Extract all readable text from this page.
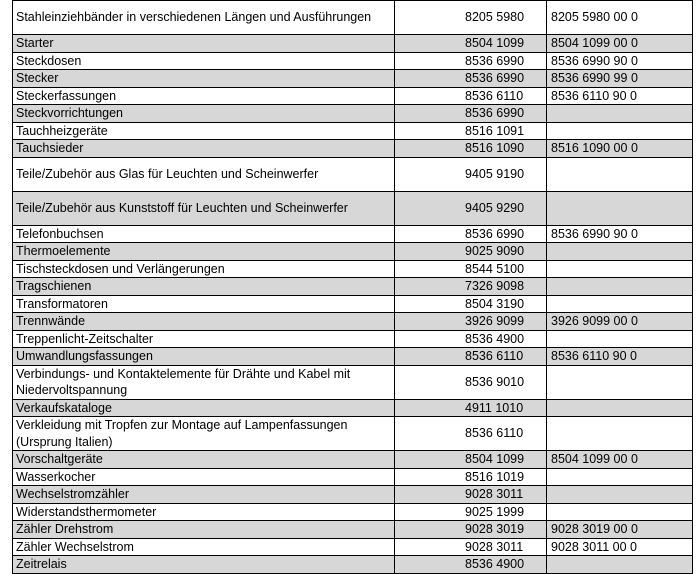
Stahleinziehbänder in verschiedenen Längen und Ausführungen	8205 5980	8205 5980 00 0
Starter	8504 1099	8504 1099 00 0
Steckdosen	8536 6990	8536 6990 90 0
Stecker	8536 6990	8536 6990 99 0
Steckerfassungen	8536 6110	8536 6110 90 0
Steckvorrichtungen	8536 6990	
Tauchheizgeräte	8516 1091	
Tauchsieder	8516 1090	8516 1090 00 0
Teile/Zubehör aus Glas für Leuchten und Scheinwerfer	9405 9190	
Teile/Zubehör aus Kunststoff für Leuchten und Scheinwerfer	9405 9290	
Telefonbuchsen	8536 6990	8536 6990 90 0
Thermoelemente	9025 9090	
Tischsteckdosen und Verlängerungen	8544 5100	
Tragschienen	7326 9098	
Transformatoren	8504 3190	
Trennwände	3926 9099	3926 9099 00 0
Treppenlicht-Zeitschalter	8536 4900	
Umwandlungsfassungen	8536 6110	8536 6110 90 0
Verbindungs- und Kontaktelemente für Drähte und Kabel mit Niedervoltspannung	8536 9010	
Verkaufskataloge	4911 1010	
Verkleidung mit Tropfen zur Montage auf Lampenfassungen (Ursprung Italien)	8536 6110	
Vorschaltgeräte	8504 1099	8504 1099 00 0
Wasserkocher	8516 1019	
Wechselstromzähler	9028 3011	
Widerstandsthermometer	9025 1999	
Zähler Drehstrom	9028 3019	9028 3019 00 0
Zähler Wechselstrom	9028 3011	9028 3011 00 0
Zeitrelais	8536 4900	
